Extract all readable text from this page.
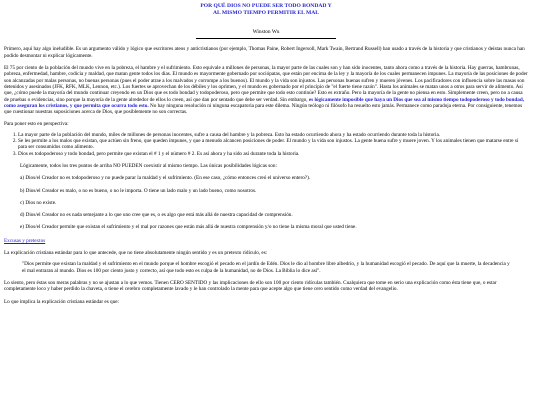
POR QUÉ DIOS NO PUEDE SER TODO BONDAD Y
AL MISMO TIEMPO PERMITIR EL MAL
Winston Wu

Primero, aquí hay algo ineludible. Es un argumento válido y lógico que escritores ateos y anticristianos (por ejemplo, Thomas Paine, Robert Ingersoll, Mark Twain, Bertrand Russell) han usado a través de la historia y que cristianos y deístas nunca han podido desmontar ni explicar lógicamente.

El 75 por ciento de la población del mundo vive en la pobreza, el hambre y el sufrimiento. Esto equivale a millones de personas, la mayor parte de las cuales son y han sido inocentes, tanto ahora como a través de la historia. Hay guerras, hambrunas, pobreza, enfermedad, hambre, codicia y maldad, que matan gente todos los días. El mundo es mayormente gobernado por sociópatas, que están por encima de la ley y la mayoría de los cuales permanecen impunes. La mayoría de las posiciones de poder son alcanzadas por malas personas, no buenas personas (pues el poder atrae a los malvados y corrompe a los buenos). El mundo y la vida son injustos. Las personas buenas sufren y mueren jóvenes. Los pacificadores con influencia sobre las masas son detenidos y asesinados (JFK, RFK, MLK, Lennon, etc.). Los fuertes se aprovechan de los débiles y los oprimen, y el mundo es gobernado por el principio de "el fuerte tiene razón". Hasta los animales se matan unos a otros para servir de alimento. Así que, ¿cómo puede la mayoría del mundo continuar creyendo en un Dios que es todo bondad y todopoderoso, pero que permite que todo esto continúe? Esto es extraño. Pero la mayoría de la gente no piensa en esto. Simplemente creen, pero no a causa de pruebas o evidencias, sino porque la mayoría de la gente alrededor de ellos lo creen, así que dan por sentado que debe ser verdad. Sin embargo, es lógicamente imposible que haya un Dios que sea al mismo tiempo todopoderoso y todo bondad, como aseguran los cristianos, y que permita que ocurra todo esto. No hay ninguna resolución ni ninguna escapatoria para este dilema. Ningún teólogo ni filósofo ha resuelto esto jamás. Permanece como paradoja eterna. Por consiguiente, tenemos que cuestionar nuestras suposiciones acerca de Dios, que posiblemente no son correctas.

Para poner esto en perspectiva:

1. La mayor parte de la población del mundo, miles de millones de personas inocentes, sufre a causa del hambre y la pobreza. Esto ha estado ocurriendo ahora y ha estado ocurriendo durante toda la historia.
2. Se les permite a los malos que existan, que actúen sin freno, que queden impunes, y que a menudo alcancen posiciones de poder. El mundo y la vida son injustos. La gente buena sufre y muere joven. Y los animales tienen que matarse entre sí para ser consumidos como alimento.
3. Dios es todopoderoso y todo bondad, pero permite que existan el # 1 y el número # 2. Es así ahora y ha sido así durante toda la historia.

Lógicamente, todos los tres puntos de arriba NO PUEDEN coexistir al mismo tiempo. Las únicas posibilidades lógicas son:

a) Dios/el Creador no es todopoderoso y no puede parar la maldad y el sufrimiento. (En ese caso, ¿cómo entonces creó el universo entero?).

b) Dios/el Creador es malo, o no es bueno, o no le importa. O tiene un lado malo y un lado bueno, como nosotros.

c) Dios no existe.

d) Dios/el Creador no es nada semejante a lo que uno cree que es, o es algo que está más allá de nuestra capacidad de comprensión.

e) Dios/el Creador permite que existan el sufrimiento y el mal por razones que están más allá de nuestra comprensión y/o no tiene la misma moral que usted tiene.

Excusas y pretextos

La explicación cristiana estándar para lo que antecede, que no tiene absolutamente ningún sentido y es un pretexto ridículo, es:

"Dios permite que existan la maldad y el sufrimiento en el mundo porque el hombre escogió el pecado en el jardín de Edén. Dios le dio al hombre libre albedrío, y la humanidad escogió el pecado. De aquí que la muerte, la decadencia y el mal entraran al mundo. Dios es 100 por ciento justo y correcto, así que todo esto es culpa de la humanidad, no de Dios. La Biblia lo dice así".

Lo siento, pero éstas son meras palabras y no se ajustan a lo que vemos. Tienen CERO SENTIDO y las implicaciones de ello son 100 por ciento ridículas también. Cualquiera que tome en serio una explicación como ésta tiene que, o estar completamente loco y haber perdido la chaveta, o tiene el cerebro completamente lavado y le han controlado la mente para que acepte algo que tiene cero sentido como verdad del evangelio.

Lo que implica la explicación cristiana estándar es que:
